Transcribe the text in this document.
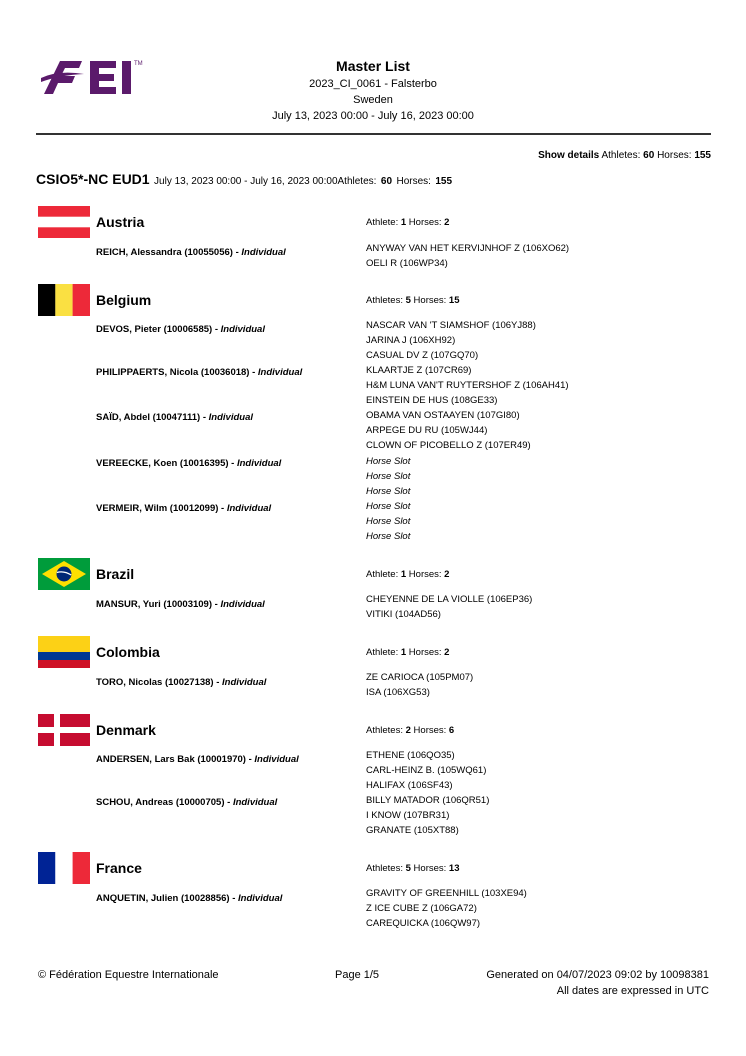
TM	Master List
2023_CI_0061 - Falsterbo
Sweden
July 13, 2023 00:00 - July 16, 2023 00:00
Show details Athletes: 60 Horses: 155
CSIO5*-NC EUD1 July 13, 2023 00:00 - July 16, 2023 00:00Athletes: 60 Horses: 155
Austria	Athlete: 1 Horses: 2
REICH, Alessandra (10055056) - Individual	ANYWAY VAN HET KERVIJNHOF Z (106XO62)
OELI R (106WP34)
Belgium	Athletes: 5 Horses: 15
DEVOS, Pieter (10006585) - Individual	NASCAR VAN 'T SIAMSHOF (106YJ88)
JARINA J (106XH92)
CASUAL DV Z (107GQ70)
PHILIPPAERTS, Nicola (10036018) - Individual	KLAARTJE Z (107CR69)
H&M LUNA VAN'T RUYTERSHOF Z (106AH41)
EINSTEIN DE HUS (108GE33)
SAÏD, Abdel (10047111) - Individual	OBAMA VAN OSTAAYEN (107GI80)
ARPEGE DU RU (105WJ44)
CLOWN OF PICOBELLO Z (107ER49)
VEREECKE, Koen (10016395) - Individual	Horse Slot
Horse Slot
Horse Slot
VERMEIR, Wilm (10012099) - Individual	Horse Slot
Horse Slot
Horse Slot
Brazil	Athlete: 1 Horses: 2
MANSUR, Yuri (10003109) - Individual	CHEYENNE DE LA VIOLLE (106EP36)
VITIKI (104AD56)
Colombia	Athlete: 1 Horses: 2
TORO, Nicolas (10027138) - Individual	ZE CARIOCA (105PM07)
ISA (106XG53)
Denmark	Athletes: 2 Horses: 6
ANDERSEN, Lars Bak (10001970) - Individual	ETHENE (106QO35)
CARL-HEINZ B. (105WQ61)
HALIFAX (106SF43)
SCHOU, Andreas (10000705) - Individual	BILLY MATADOR (106QR51)
I KNOW (107BR31)
GRANATE (105XT88)
France	Athletes: 5 Horses: 13
ANQUETIN, Julien (10028856) - Individual	GRAVITY OF GREENHILL (103XE94)
Z ICE CUBE Z (106GA72)
CAREQUICKA (106QW97)
© Fédération Equestre Internationale	Page 1/5	Generated on 04/07/2023 09:02 by 10098381
All dates are expressed in UTC
